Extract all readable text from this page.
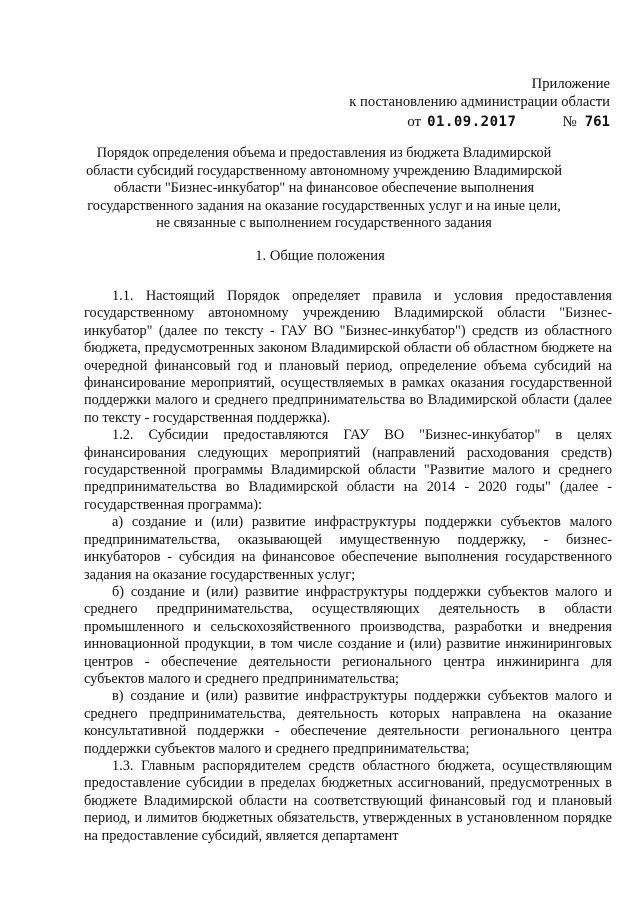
Приложение
к постановлению администрации области
от 01.09.2017	№ 761
Порядок определения объема и предоставления из бюджета Владимирской области субсидий государственному автономному учреждению Владимирской области "Бизнес-инкубатор" на финансовое обеспечение выполнения государственного задания на оказание государственных услуг и на иные цели, не связанные с выполнением государственного задания
1. Общие положения

1.1. Настоящий Порядок определяет правила и условия предоставления государственному автономному учреждению Владимирской области "Бизнес-инкубатор" (далее по тексту - ГАУ ВО "Бизнес-инкубатор") средств из областного бюджета, предусмотренных законом Владимирской области об областном бюджете на очередной финансовый год и плановый период, определение объема субсидий на финансирование мероприятий, осуществляемых в рамках оказания государственной поддержки малого и среднего предпринимательства во Владимирской области (далее по тексту - государственная поддержка).

1.2. Субсидии предоставляются ГАУ ВО "Бизнес-инкубатор" в целях финансирования следующих мероприятий (направлений расходования средств) государственной программы Владимирской области "Развитие малого и среднего предпринимательства во Владимирской области на 2014 - 2020 годы" (далее - государственная программа):

а) создание и (или) развитие инфраструктуры поддержки субъектов малого предпринимательства, оказывающей имущественную поддержку, - бизнес-инкубаторов - субсидия на финансовое обеспечение выполнения государственного задания на оказание государственных услуг;

б) создание и (или) развитие инфраструктуры поддержки субъектов малого и среднего предпринимательства, осуществляющих деятельность в области промышленного и сельскохозяйственного производства, разработки и внедрения инновационной продукции, в том числе создание и (или) развитие инжиниринговых центров - обеспечение деятельности регионального центра инжиниринга для субъектов малого и среднего предпринимательства;

в) создание и (или) развитие инфраструктуры поддержки субъектов малого и среднего предпринимательства, деятельность которых направлена на оказание консультативной поддержки - обеспечение деятельности регионального центра поддержки субъектов малого и среднего предпринимательства;

1.3. Главным распорядителем средств областного бюджета, осуществляющим предоставление субсидии в пределах бюджетных ассигнований, предусмотренных в бюджете Владимирской области на соответствующий финансовый год и плановый период, и лимитов бюджетных обязательств, утвержденных в установленном порядке на предоставление субсидий, является департамент
